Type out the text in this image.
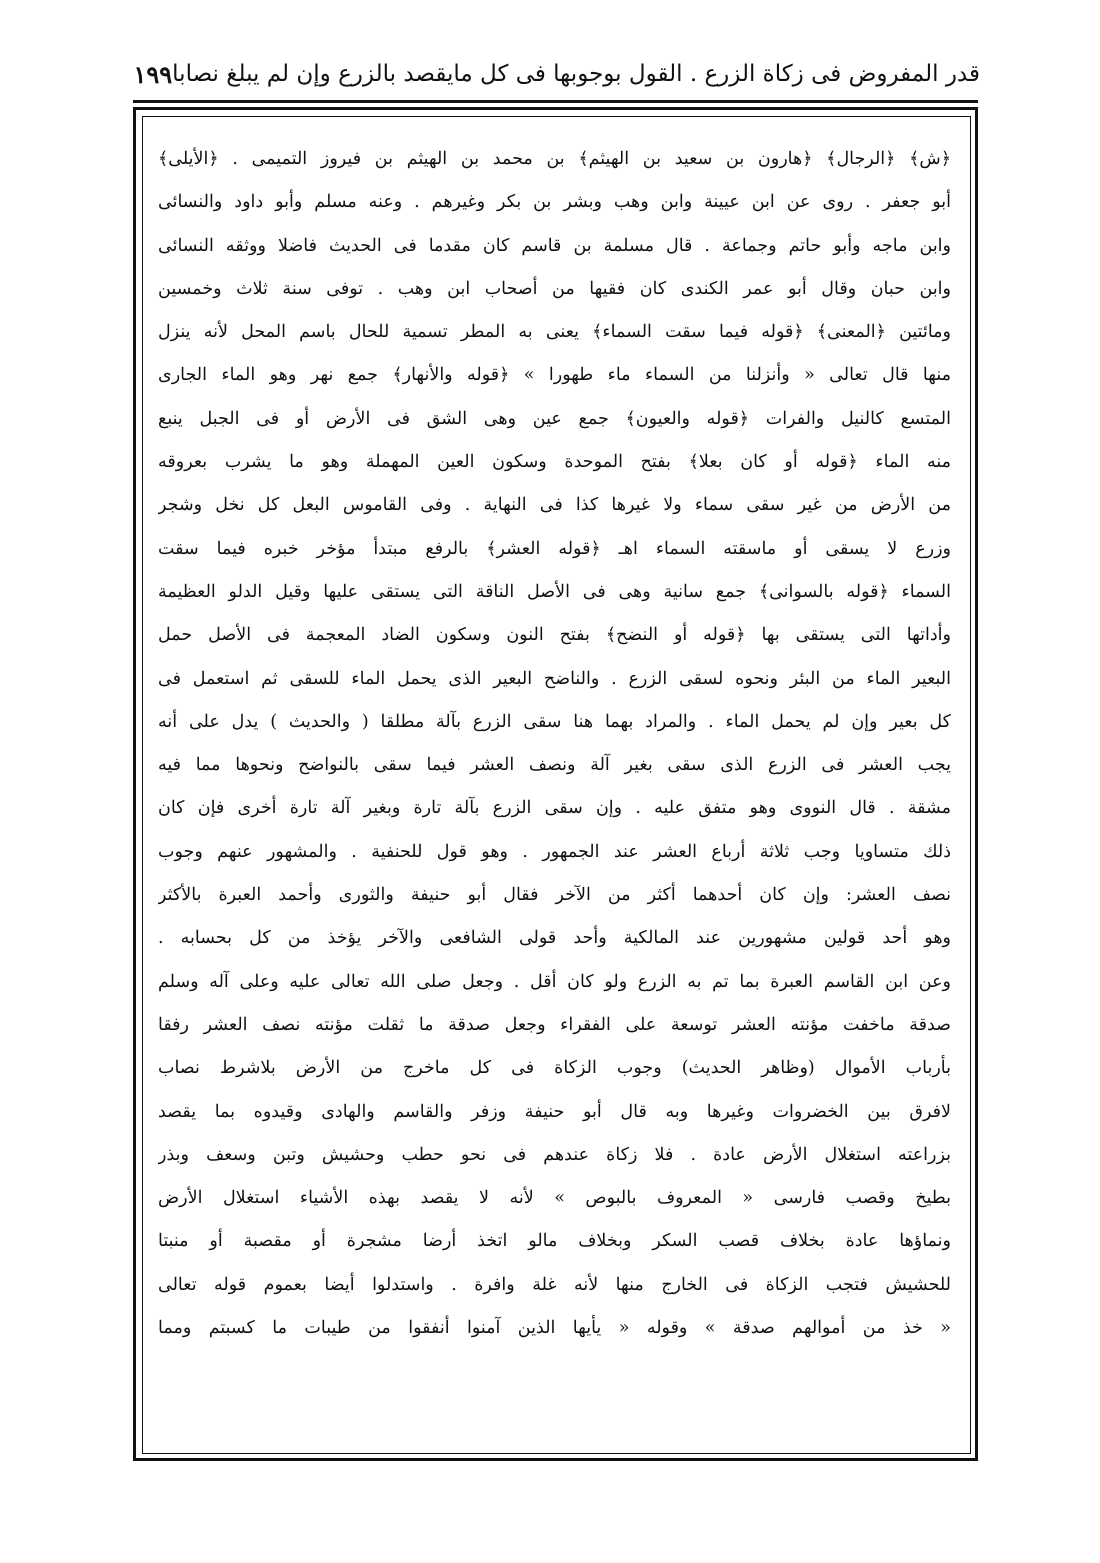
قدر المفروض فى زكاة الزرع . القول بوجوبها فى كل مايقصد بالزرع وإن لم يبلغ نصابا
١٩٩
﴿ش﴾ ﴿الرجال﴾ ﴿هارون بن سعيد بن الهيثم﴾ بن محمد بن الهيثم بن فيروز التميمى . ﴿الأيلى﴾
أبو جعفر . روى عن ابن عيينة وابن وهب وبشر بن بكر وغيرهم . وعنه مسلم وأبو داود والنسائى
وابن ماجه وأبو حاتم وجماعة . قال مسلمة بن قاسم كان مقدما فى الحديث فاضلا ووثقه النسائى
وابن حبان وقال أبو عمر الكندى كان فقيها من أصحاب ابن وهب . توفى سنة ثلاث وخمسين
ومائتين ﴿المعنى﴾ ﴿قوله فيما سقت السماء﴾ يعنى به المطر تسمية للحال باسم المحل لأنه ينزل
منها قال تعالى « وأنزلنا من السماء ماء طهورا » ﴿قوله والأنهار﴾ جمع نهر وهو الماء الجارى
المتسع كالنيل والفرات ﴿قوله والعيون﴾ جمع عين وهى الشق فى الأرض أو فى الجبل ينبع
منه الماء ﴿قوله أو كان بعلا﴾ بفتح الموحدة وسكون العين المهملة وهو ما يشرب بعروقه
من الأرض من غير سقى سماء ولا غيرها كذا فى النهاية . وفى القاموس البعل كل نخل وشجر
وزرع لا يسقى أو ماسقته السماء اهـ ﴿قوله العشر﴾ بالرفع مبتدأ مؤخر خبره فيما سقت
السماء ﴿قوله بالسوانى﴾ جمع سانية وهى فى الأصل الناقة التى يستقى عليها وقيل الدلو العظيمة
وأداتها التى يستقى بها ﴿قوله أو النضح﴾ بفتح النون وسكون الضاد المعجمة فى الأصل حمل
البعير الماء من البئر ونحوه لسقى الزرع . والناضح البعير الذى يحمل الماء للسقى ثم استعمل فى
كل بعير وإن لم يحمل الماء . والمراد بهما هنا سقى الزرع بآلة مطلقا ( والحديث ) يدل على أنه
يجب العشر فى الزرع الذى سقى بغير آلة ونصف العشر فيما سقى بالنواضح ونحوها مما فيه
مشقة . قال النووى وهو متفق عليه . وإن سقى الزرع بآلة تارة وبغير آلة تارة أخرى فإن كان
ذلك متساويا وجب ثلاثة أرباع العشر عند الجمهور . وهو قول للحنفية . والمشهور عنهم وجوب
نصف العشر: وإن كان أحدهما أكثر من الآخر فقال أبو حنيفة والثورى وأحمد العبرة بالأكثر
وهو أحد قولين مشهورين عند المالكية وأحد قولى الشافعى والآخر يؤخذ من كل بحسابه .
وعن ابن القاسم العبرة بما تم به الزرع ولو كان أقل . وجعل صلى الله تعالى عليه وعلى آله وسلم
صدقة ماخفت مؤنته العشر توسعة على الفقراء وجعل صدقة ما ثقلت مؤنته نصف العشر رفقا
بأرباب الأموال (وظاهر الحديث) وجوب الزكاة فى كل ماخرج من الأرض بلاشرط نصاب
لافرق بين الخضروات وغيرها وبه قال أبو حنيفة وزفر والقاسم والهادى وقيدوه بما يقصد
بزراعته استغلال الأرض عادة . فلا زكاة عندهم فى نحو حطب وحشيش وتبن وسعف وبذر
بطيخ وقصب فارسى « المعروف بالبوص » لأنه لا يقصد بهذه الأشياء استغلال الأرض
ونماؤها عادة بخلاف قصب السكر وبخلاف مالو اتخذ أرضا مشجرة أو مقصبة أو منبتا
للحشيش فتجب الزكاة فى الخارج منها لأنه غلة وافرة . واستدلوا أيضا بعموم قوله تعالى
« خذ من أموالهم صدقة » وقوله « يأيها الذين آمنوا أنفقوا من طيبات ما كسبتم ومما
